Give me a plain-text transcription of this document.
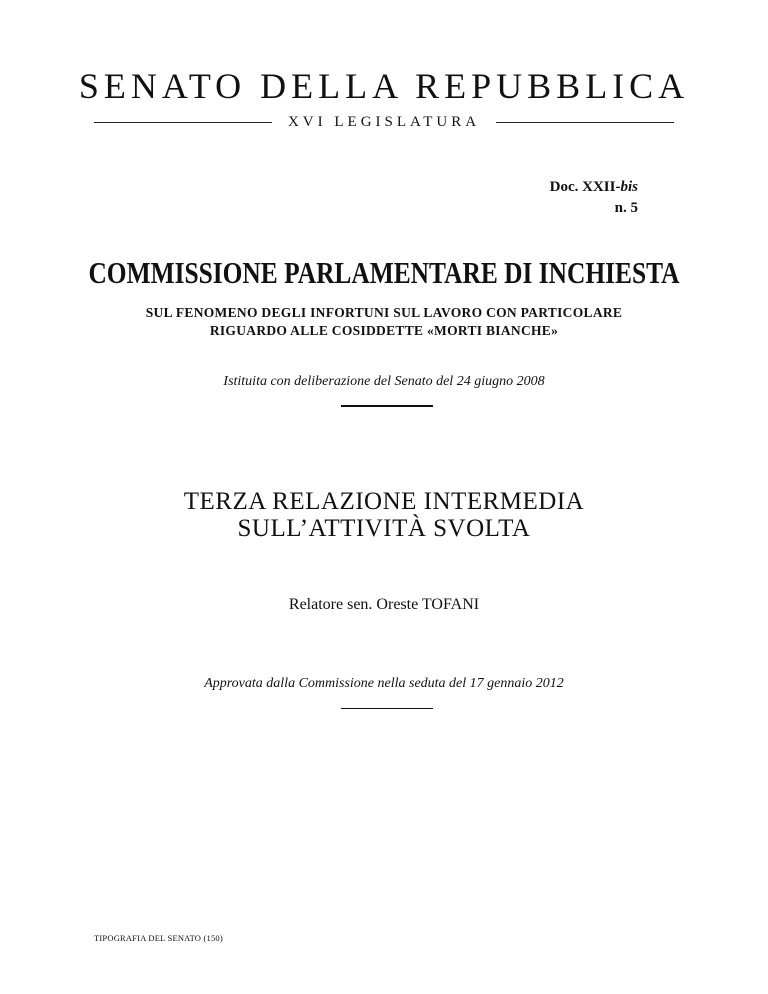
SENATO DELLA REPUBBLICA
XVI LEGISLATURA
Doc. XXII-bis
n. 5
COMMISSIONE PARLAMENTARE DI INCHIESTA
SUL FENOMENO DEGLI INFORTUNI SUL LAVORO CON PARTICOLARE
RIGUARDO ALLE COSIDDETTE «MORTI BIANCHE»
Istituita con deliberazione del Senato del 24 giugno 2008
TERZA RELAZIONE INTERMEDIA
SULL’ATTIVITÀ SVOLTA
Relatore sen. Oreste TOFANI
Approvata dalla Commissione nella seduta del 17 gennaio 2012
TIPOGRAFIA DEL SENATO (150)
